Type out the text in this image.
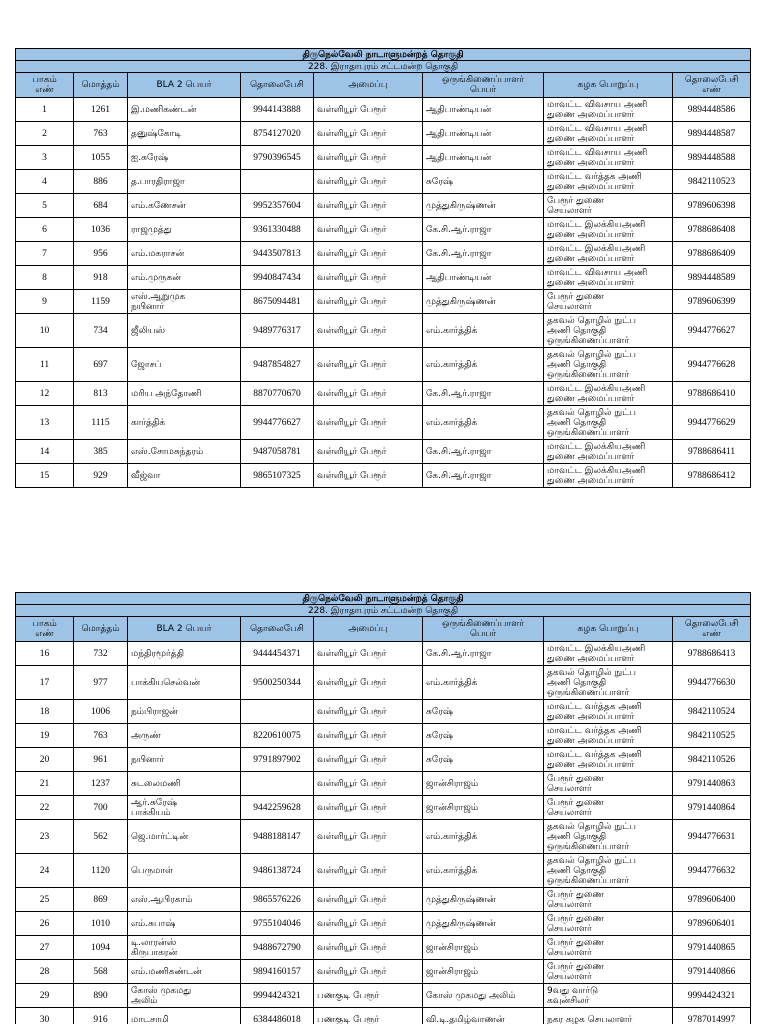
திருநெல்வேலி நாடாளுமன்றத் தொகுதி							
228. இராதாபுரம் சட்டமன்ற தொகுதி							
பாகம்
எண்	மொத்தம்	BLA 2 பெயர்	தொலைபேசி	அமைப்பு	ஒருங்கிணைப்பாளர்
பெயர்	கழக பொறுப்பு	தொலைபேசி
எண்
1	1261	இ.மணிகண்டன்	9944143888	வள்ளியூர் பேரூர்	ஆதிபாண்டியன்	மாவட்ட விவசாய அணி
துணை அமைப்பாளர்	9894448586
2	763	தனுஷ்கோடி	8754127020	வள்ளியூர் பேரூர்	ஆதிபாண்டியன்	மாவட்ட விவசாய அணி
துணை அமைப்பாளர்	9894448587
3	1055	ஐ.சுரேஷ்	9790396545	வள்ளியூர் பேரூர்	ஆதிபாண்டியன்	மாவட்ட விவசாய அணி
துணை அமைப்பாளர்	9894448588
4	886	த.பாரதிராஜா		வள்ளியூர் பேரூர்	சுரேஷ்	மாவட்ட வர்த்தக அணி
துணை அமைப்பாளர்	9842110523
5	684	எம்.கணேசன்	9952357604	வள்ளியூர் பேரூர்	முத்துகிருஷ்ணன்	பேரூர் துணை
செயலாளர்	9789606398
6	1036	ராஜமுத்து	9361330488	வள்ளியூர் பேரூர்	கே.சி.ஆர்.ராஜா	மாவட்ட இலக்கியஅணி
துணை அமைப்பாளர்	9788686408
7	956	எம்.மகராசன்	9443507813	வள்ளியூர் பேரூர்	கே.சி.ஆர்.ராஜா	மாவட்ட இலக்கியஅணி
துணை அமைப்பாளர்	9788686409
8	918	எம்.முருகன்	9940847434	வள்ளியூர் பேரூர்	ஆதிபாண்டியன்	மாவட்ட விவசாய அணி
துணை அமைப்பாளர்	9894448589
9	1159	எஸ்.ஆறுமுக
நயினார்	8675094481	வள்ளியூர் பேரூர்	முத்துகிருஷ்ணன்	பேரூர் துணை
செயலாளர்	9789606399
10	734	ஜீலியஸ்	9489776317	வள்ளியூர் பேரூர்	எம்.கார்த்திக்	தகவல் தொழில் நுட்ப
அணி தொகுதி
ஒருங்கிணைப்பாளர்	9944776627
11	697	ஜோசப்	9487854827	வள்ளியூர் பேரூர்	எம்.கார்த்திக்	தகவல் தொழில் நுட்ப
அணி தொகுதி
ஒருங்கிணைப்பாளர்	9944776628
12	813	மரிய அந்தோணி	8870770670	வள்ளியூர் பேரூர்	கே.சி.ஆர்.ராஜா	மாவட்ட இலக்கியஅணி
துணை அமைப்பாளர்	9788686410
13	1115	கார்த்திக்	9944776627	வள்ளியூர் பேரூர்	எம்.கார்த்திக்	தகவல் தொழில் நுட்ப
அணி தொகுதி
ஒருங்கிணைப்பாளர்	9944776629
14	385	எஸ்.சோமசுந்தரம்	9487058781	வள்ளியூர் பேரூர்	கே.சி.ஆர்.ராஜா	மாவட்ட இலக்கியஅணி
துணை அமைப்பாளர்	9788686411
15	929	வீஜ்வா	9865107325	வள்ளியூர் பேரூர்	கே.சி.ஆர்.ராஜா	மாவட்ட இலக்கியஅணி
துணை அமைப்பாளர்	9788686412
திருநெல்வேலி நாடாளுமன்றத் தொகுதி							
228. இராதாபுரம் சட்டமன்ற தொகுதி							
பாகம்
எண்	மொத்தம்	BLA 2 பெயர்	தொலைபேசி	அமைப்பு	ஒருங்கிணைப்பாளர்
பெயர்	கழக பொறுப்பு	தொலைபேசி
எண்
16	732	மந்திரமூர்த்தி	9444454371	வள்ளியூர் பேரூர்	கே.சி.ஆர்.ராஜா	மாவட்ட இலக்கியஅணி
துணை அமைப்பாளர்	9788686413
17	977	பாக்கியசெல்வன்	9500250344	வள்ளியூர் பேரூர்	எம்.கார்த்திக்	தகவல் தொழில் நுட்ப
அணி தொகுதி
ஒருங்கிணைப்பாளர்	9944776630
18	1006	நம்பிராஜன்		வள்ளியூர் பேரூர்	சுரேஷ்	மாவட்ட வர்த்தக அணி
துணை அமைப்பாளர்	9842110524
19	763	அருண்	8220610075	வள்ளியூர் பேரூர்	சுரேஷ்	மாவட்ட வர்த்தக அணி
துணை அமைப்பாளர்	9842110525
20	961	நயினார்	9791897902	வள்ளியூர் பேரூர்	சுரேஷ்	மாவட்ட வர்த்தக அணி
துணை அமைப்பாளர்	9842110526
21	1237	சுடலைமணி		வள்ளியூர் பேரூர்	ஜான்சிராஜம்	பேரூர் துணை
செயலாளர்	9791440863
22	700	ஆர்.சுரேஷ்
பாக்கியம்	9442259628	வள்ளியூர் பேரூர்	ஜான்சிராஜம்	பேரூர் துணை
செயலாளர்	9791440864
23	562	ஜெ.மார்ட்டின்	9488188147	வள்ளியூர் பேரூர்	எம்.கார்த்திக்	தகவல் தொழில் நுட்ப
அணி தொகுதி
ஒருங்கிணைப்பாளர்	9944776631
24	1120	பெருமாள்	9486138724	வள்ளியூர் பேரூர்	எம்.கார்த்திக்	தகவல் தொழில் நுட்ப
அணி தொகுதி
ஒருங்கிணைப்பாளர்	9944776632
25	869	எஸ்.ஆபிரகாம்	9865576226	வள்ளியூர் பேரூர்	முத்துகிருஷ்ணன்	பேரூர் துணை
செயலாளர்	9789606400
26	1010	எம்.சுபாஷ்	9755104046	வள்ளியூர் பேரூர்	முத்துகிருஷ்ணன்	பேரூர் துணை
செயலாளர்	9789606401
27	1094	டி.லாரன்ஸ்
கிருபாகரன்	9488672790	வள்ளியூர் பேரூர்	ஜான்சிராஜம்	பேரூர் துணை
செயலாளர்	9791440865
28	568	எம்.மணிகண்டன்	9894160157	வள்ளியூர் பேரூர்	ஜான்சிராஜம்	பேரூர் துணை
செயலாளர்	9791440866
29	890	கோஸ் முகமது
அலிம்	9994424321	பணகுடி பேரூர்	கோஸ் முகமது அலிம்	9வது வார்டு
கவுன்சிலர்	9994424321
30	916	மாடசாமி	6384486018	பணகுடி பேரூர்	வி.டி.தமிழ்வாணன்	நகர கழக செயலாளர்	9787014997
